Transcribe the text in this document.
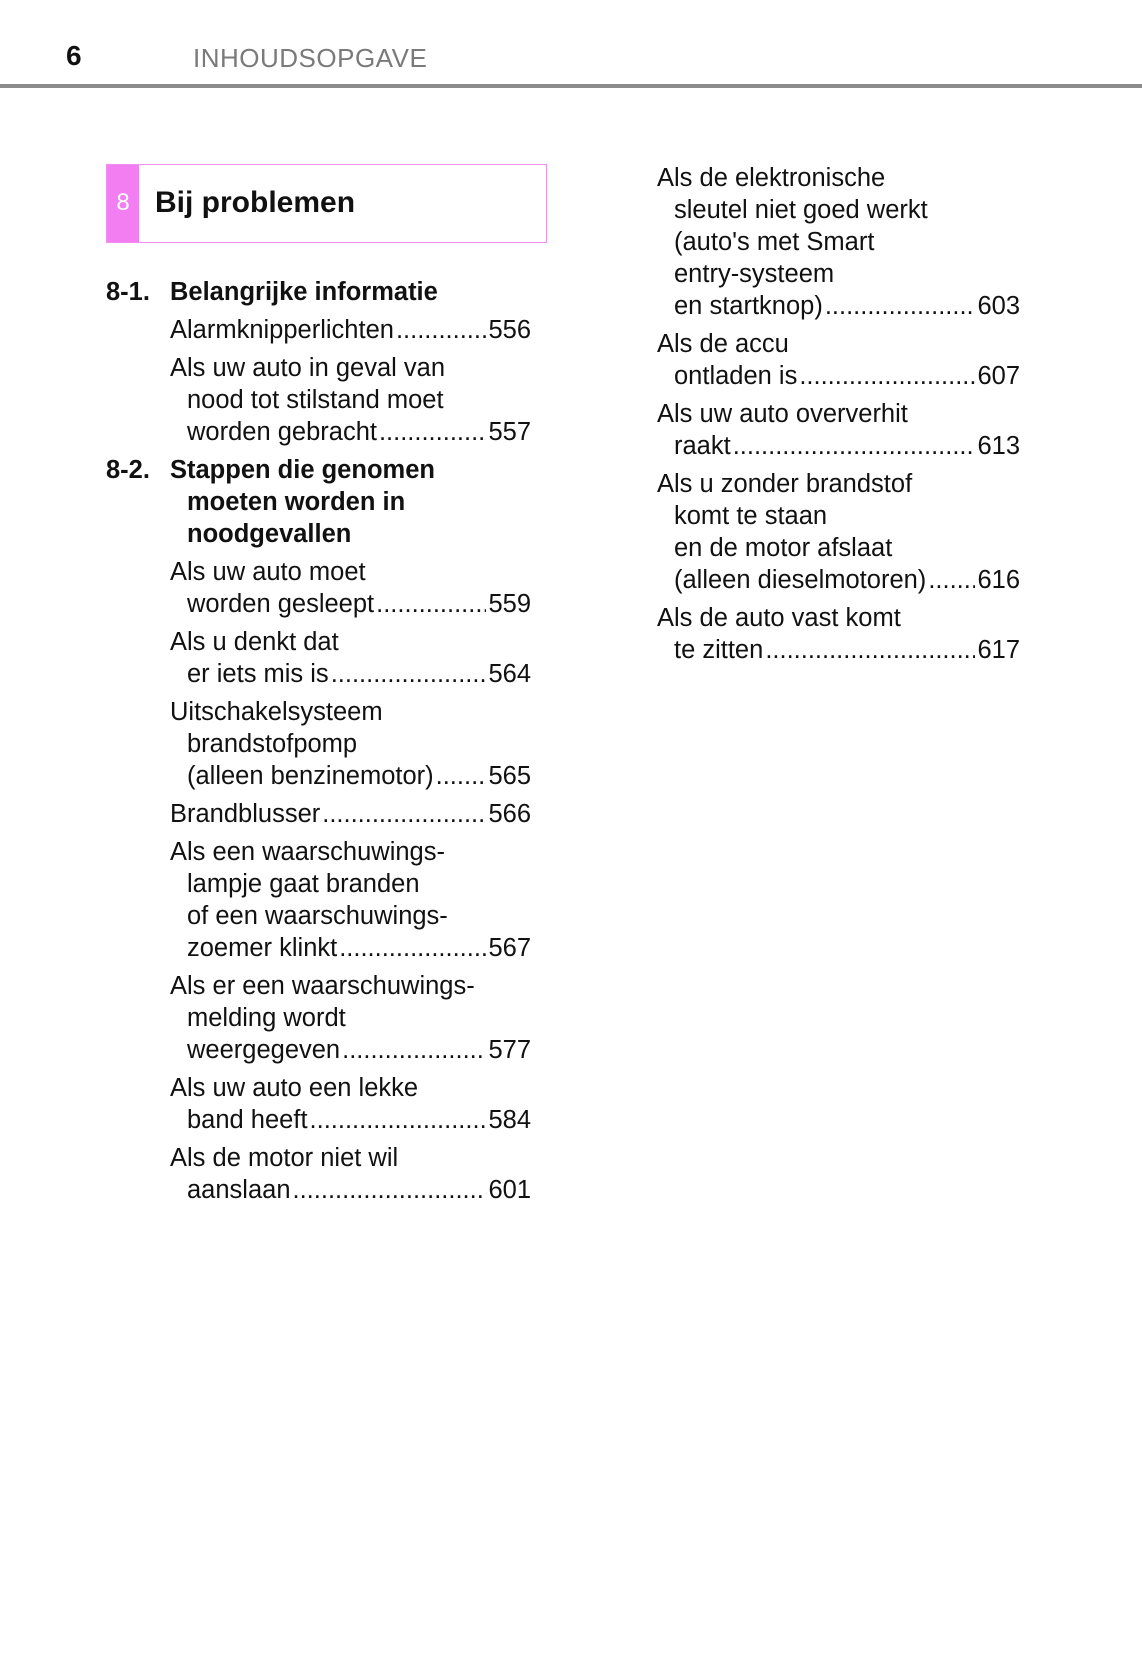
6	INHOUDSOPGAVE
8 Bij problemen
8-1. Belangrijke informatie
Alarmknipperlichten .....	556
Als uw auto in geval van
nood tot stilstand moet
worden gebracht .....	557
8-2. Stappen die genomen
moeten worden in
noodgevallen
Als uw auto moet
worden gesleept .....	559
Als u denkt dat
er iets mis is .....	564
Uitschakelsysteem
brandstofpomp
(alleen benzinemotor) ..... 565
Brandblusser .....	566
Als een waarschuwings-
lampje gaat branden
of een waarschuwings-
zoemer klinkt .....	567
Als er een waarschuwings-
melding wordt
weergegeven .....	577
Als uw auto een lekke
band heeft .....	584
Als de motor niet wil
aanslaan .....	601
Als de elektronische
sleutel niet goed werkt
(auto's met Smart
entry-systeem
en startknop) .....	603
Als de accu
ontladen is .....	607
Als uw auto oververhit
raakt .....	613
Als u zonder brandstof
komt te staan
en de motor afslaat
(alleen dieselmotoren) ..... 616
Als de auto vast komt
te zitten .....	617
